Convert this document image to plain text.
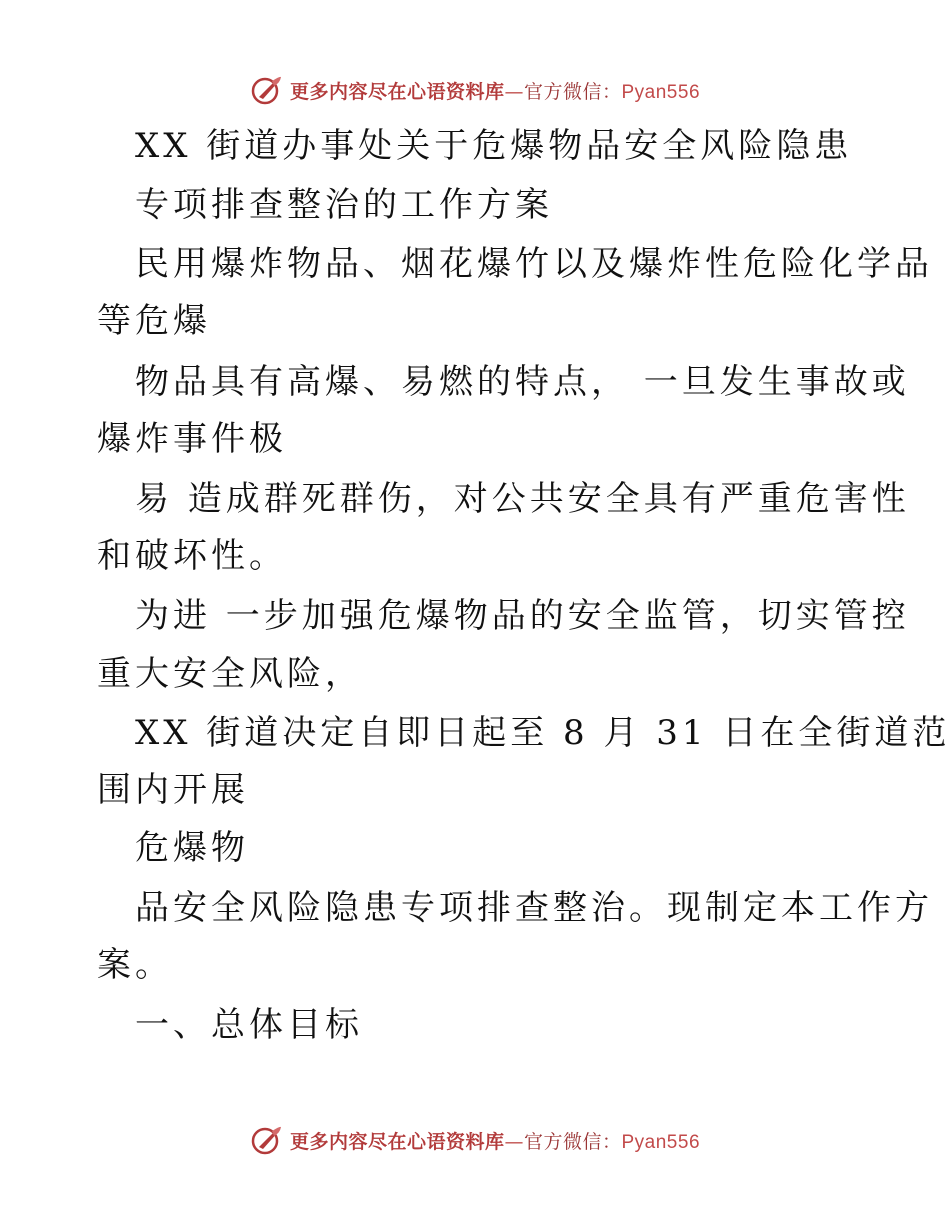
更多内容尽在心语资料库—官方微信：Pyan556
XX 街道办事处关于危爆物品安全风险隐患
专项排查整治的工作方案
民用爆炸物品、烟花爆竹以及爆炸性危险化学品
等危爆
物品具有高爆、易燃的特点， 一旦发生事故或
爆炸事件极
易 造成群死群伤，对公共安全具有严重危害性
和破坏性。
为进 一步加强危爆物品的安全监管，切实管控
重大安全风险，
XX 街道决定自即日起至 8 月 31 日在全街道范
围内开展
危爆物
品安全风险隐患专项排查整治。现制定本工作方
案。
一、总体目标
更多内容尽在心语资料库—官方微信：Pyan556
